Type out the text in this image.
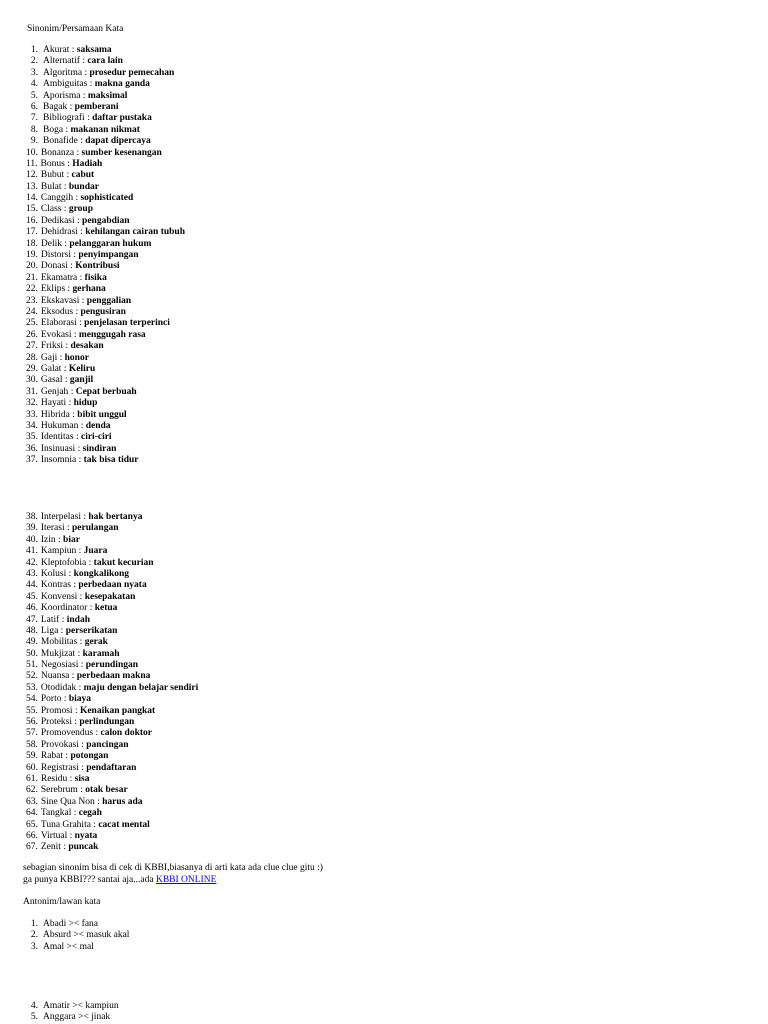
Sinonim/Persamaan Kata
1. Akurat : saksama
2. Alternatif : cara lain
3. Algoritma : prosedur pemecahan
4. Ambiguitas : makna ganda
5. Aporisma : maksimal
6. Bagak : pemberani
7. Bibliografi : daftar pustaka
8. Boga : makanan nikmat
9. Bonafide : dapat dipercaya
10. Bonanza : sumber kesenangan
11. Bonus : Hadiah
12. Bubut : cabut
13. Bulat : bundar
14. Canggih : sophisticated
15. Class : group
16. Dedikasi : pengabdian
17. Dehidrasi : kehilangan cairan tubuh
18. Delik : pelanggaran hukum
19. Distorsi : penyimpangan
20. Donasi : Kontribusi
21. Ekamatra : fisika
22. Eklips : gerhana
23. Ekskavasi : penggalian
24. Eksodus : pengusiran
25. Elaborasi : penjelasan terperinci
26. Evokasi : menggugah rasa
27. Friksi : desakan
28. Gaji : honor
29. Galat : Keliru
30. Gasal : ganjil
31. Genjah : Cepat berbuah
32. Hayati : hidup
33. Hibrida : bibit unggul
34. Hukuman : denda
35. Identitas : ciri-ciri
36. Insinuasi : sindiran
37. Insomnia : tak bisa tidur
38. Interpelasi : hak bertanya
39. Iterasi : perulangan
40. Izin : biar
41. Kampiun : Juara
42. Kleptofobia : takut kecurian
43. Kolusi : kongkalikong
44. Kontras : perbedaan nyata
45. Konvensi : kesepakatan
46. Koordinator : ketua
47. Latif : indah
48. Liga : perserikatan
49. Mobilitas : gerak
50. Mukjizat : karamah
51. Negosiasi : perundingan
52. Nuansa : perbedaan makna
53. Otodidak : maju dengan belajar sendiri
54. Porto : biaya
55. Promosi : Kenaikan pangkat
56. Proteksi : perlindungan
57. Promovendus : calon doktor
58. Provokasi : pancingan
59. Rabat : potongan
60. Registrasi : pendaftaran
61. Residu : sisa
62. Serebrum : otak besar
63. Sine Qua Non : harus ada
64. Tangkal : cegah
65. Tuna Grahita : cacat mental
66. Virtual : nyata
67. Zenit : puncak
sebagian sinonim bisa di cek di KBBI,biasanya di arti kata ada clue clue gitu :)
ga punya KBBI??? santai aja...ada KBBI ONLINE
Antonim/lawan kata
1. Abadi >< fana
2. Absurd >< masuk akal
3. Amal >< mal
4. Amatir >< kampiun
5. Anggara >< jinak
